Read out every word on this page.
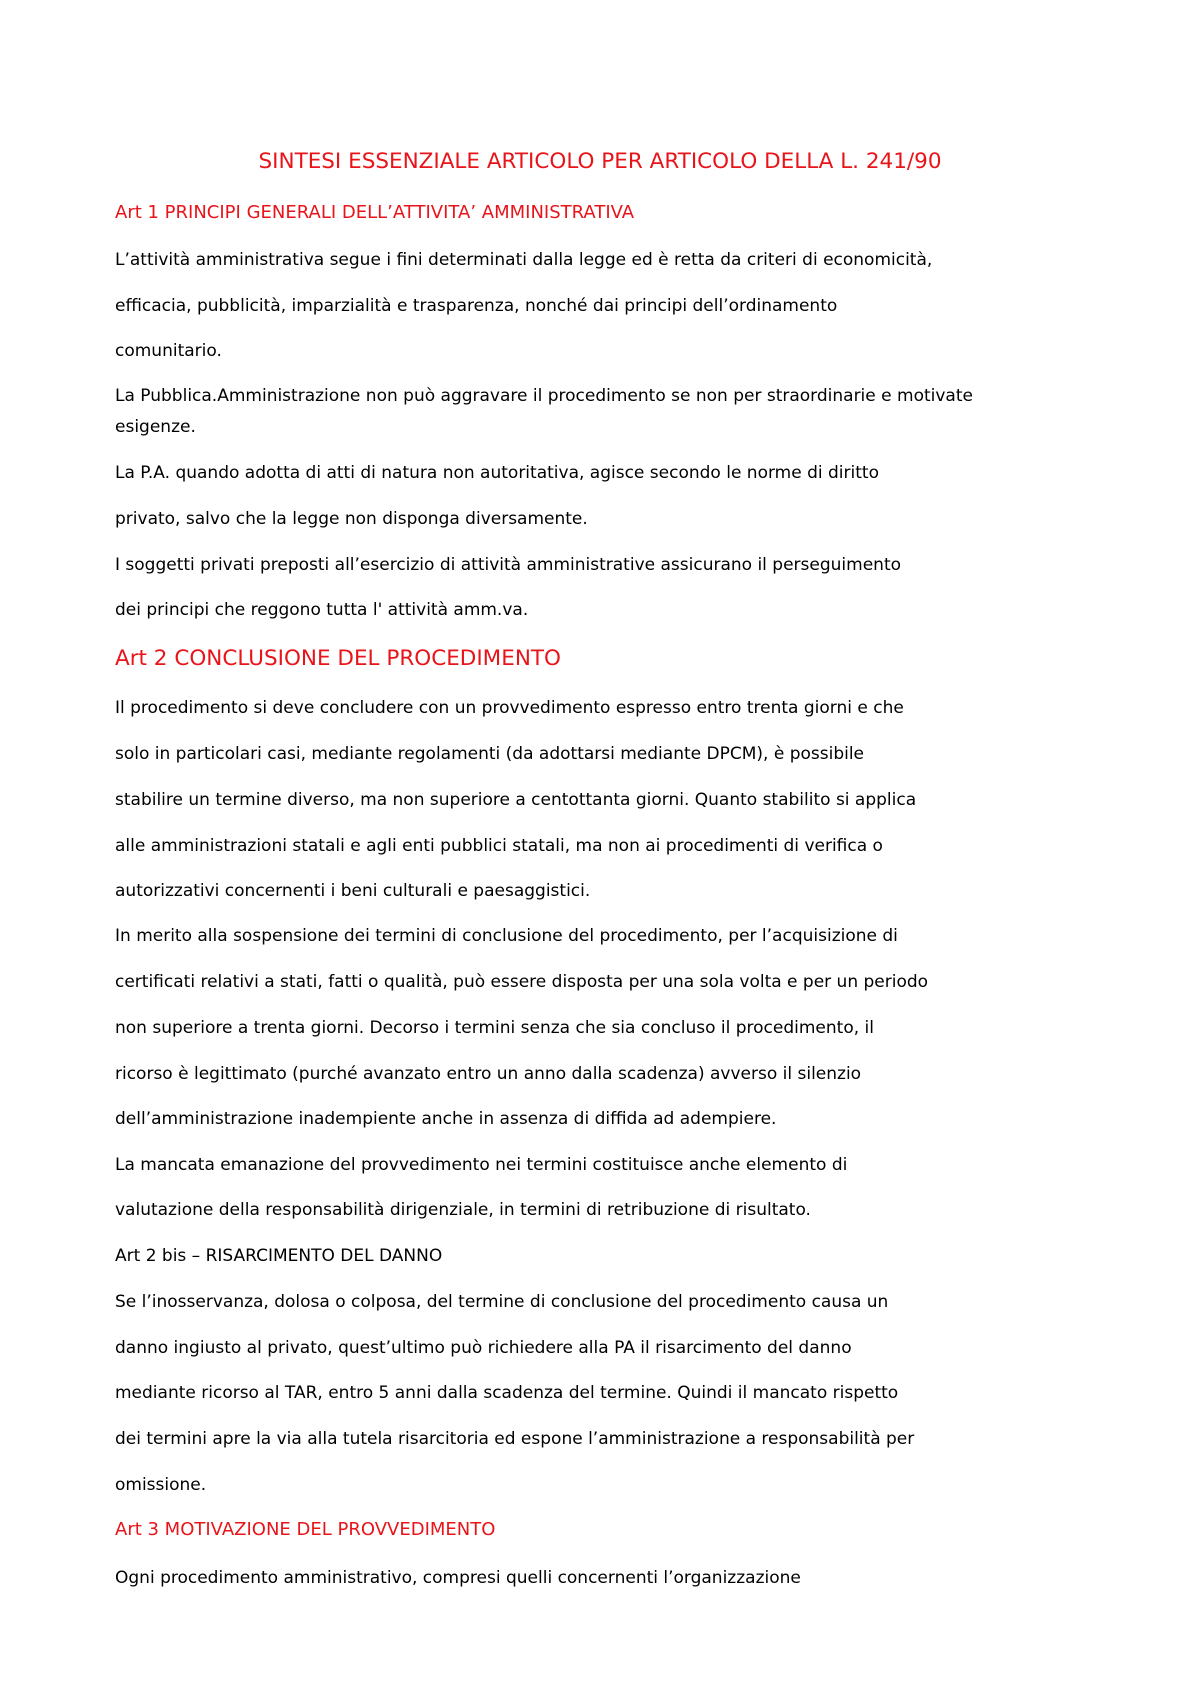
SINTESI ESSENZIALE ARTICOLO PER ARTICOLO DELLA L. 241/90
Art 1 PRINCIPI GENERALI DELL’ATTIVITA’ AMMINISTRATIVA
L’attività amministrativa segue i fini determinati dalla legge ed è retta da criteri di economicità,
efficacia, pubblicità, imparzialità e trasparenza, nonché dai principi dell’ordinamento
comunitario.
La Pubblica.Amministrazione non può aggravare il procedimento se non per straordinarie e motivate
esigenze.
La P.A. quando adotta di atti di natura non autoritativa, agisce secondo le norme di diritto
privato, salvo che la legge non disponga diversamente.
I soggetti privati preposti all’esercizio di attività amministrative assicurano il perseguimento
dei principi che reggono tutta l' attività amm.va.
Art 2 CONCLUSIONE DEL PROCEDIMENTO
Il procedimento si deve concludere con un provvedimento espresso entro trenta giorni e che
solo in particolari casi, mediante regolamenti (da adottarsi mediante DPCM), è possibile
stabilire un termine diverso, ma non superiore a centottanta giorni. Quanto stabilito si applica
alle amministrazioni statali e agli enti pubblici statali, ma non ai procedimenti di verifica o
autorizzativi concernenti i beni culturali e paesaggistici.
In merito alla sospensione dei termini di conclusione del procedimento, per l’acquisizione di
certificati relativi a stati, fatti o qualità, può essere disposta per una sola volta e per un periodo
non superiore a trenta giorni. Decorso i termini senza che sia concluso il procedimento, il
ricorso è legittimato (purché avanzato entro un anno dalla scadenza) avverso il silenzio
dell’amministrazione inadempiente anche in assenza di diffida ad adempiere.
La mancata emanazione del provvedimento nei termini costituisce anche elemento di
valutazione della responsabilità dirigenziale, in termini di retribuzione di risultato.
Art 2 bis – RISARCIMENTO DEL DANNO
Se l’inosservanza, dolosa o colposa, del termine di conclusione del procedimento causa un
danno ingiusto al privato, quest’ultimo può richiedere alla PA il risarcimento del danno
mediante ricorso al TAR, entro 5 anni dalla scadenza del termine. Quindi il mancato rispetto
dei termini apre la via alla tutela risarcitoria ed espone l’amministrazione a responsabilità per
omissione.
Art 3 MOTIVAZIONE DEL PROVVEDIMENTO
Ogni procedimento amministrativo, compresi quelli concernenti l’organizzazione
